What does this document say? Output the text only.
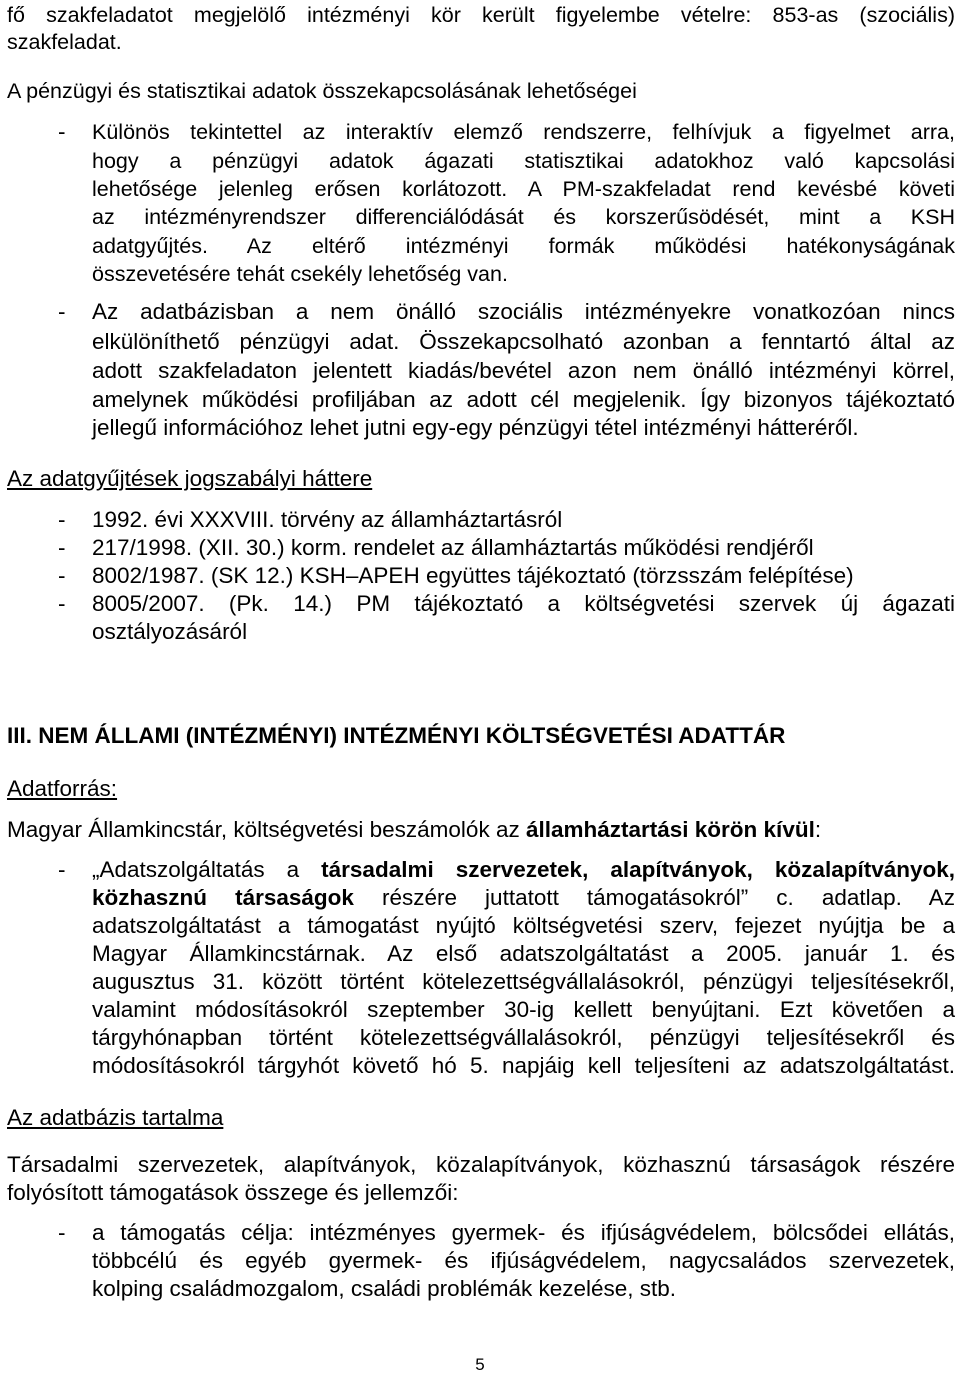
fő szakfeladatot megjelölő intézményi kör került figyelembe vételre: 853-as (szociális)
szakfeladat.
A pénzügyi és statisztikai adatok összekapcsolásának lehetőségei
- Különös tekintettel az interaktív elemző rendszerre, felhívjuk a figyelmet arra,
hogy a pénzügyi adatok ágazati statisztikai adatokhoz való kapcsolási
lehetősége jelenleg erősen korlátozott. A PM-szakfeladat rend kevésbé követi
az intézményrendszer differenciálódását és korszerűsödését, mint a KSH
adatgyűjtés. Az eltérő intézményi formák működési hatékonyságának
összevetésére tehát csekély lehetőség van.
- Az adatbázisban a nem önálló szociális intézményekre vonatkozóan nincs
elkülöníthető pénzügyi adat. Összekapcsolható azonban a fenntartó által az
adott szakfeladaton jelentett kiadás/bevétel azon nem önálló intézményi körrel,
amelynek működési profiljában az adott cél megjelenik. Így bizonyos tájékoztató
jellegű információhoz lehet jutni egy-egy pénzügyi tétel intézményi hátteréről.
Az adatgyűjtések jogszabályi háttere
- 1992. évi XXXVIII. törvény az államháztartásról
- 217/1998. (XII. 30.) korm. rendelet az államháztartás működési rendjéről
- 8002/1987. (SK 12.) KSH–APEH együttes tájékoztató (törzsszám felépítése)
- 8005/2007. (Pk. 14.) PM tájékoztató a költségvetési szervek új ágazati
osztályozásáról
III. NEM ÁLLAMI (INTÉZMÉNYI) INTÉZMÉNYI KÖLTSÉGVETÉSI ADATTÁR
Adatforrás:
Magyar Államkincstár, költségvetési beszámolók az államháztartási körön kívül:
- „Adatszolgáltatás a társadalmi szervezetek, alapítványok, közalapítványok,
közhasznú társaságok részére juttatott támogatásokról” c. adatlap. Az
adatszolgáltatást a támogatást nyújtó költségvetési szerv, fejezet nyújtja be a
Magyar Államkincstárnak. Az első adatszolgáltatást a 2005. január 1. és
augusztus 31. között történt kötelezettségvállalásokról, pénzügyi teljesítésekről,
valamint módosításokról szeptember 30-ig kellett benyújtani. Ezt követően a
tárgyhónapban történt kötelezettségvállalásokról, pénzügyi teljesítésekről és
módosításokról tárgyhót követő hó 5. napjáig kell teljesíteni az adatszolgáltatást.
Az adatbázis tartalma
Társadalmi szervezetek, alapítványok, közalapítványok, közhasznú társaságok részére
folyósított támogatások összege és jellemzői:
- a támogatás célja: intézményes gyermek- és ifjúságvédelem, bölcsődei ellátás,
többcélú és egyéb gyermek- és ifjúságvédelem, nagycsaládos szervezetek,
kolping családmozgalom, családi problémák kezelése, stb.
5
